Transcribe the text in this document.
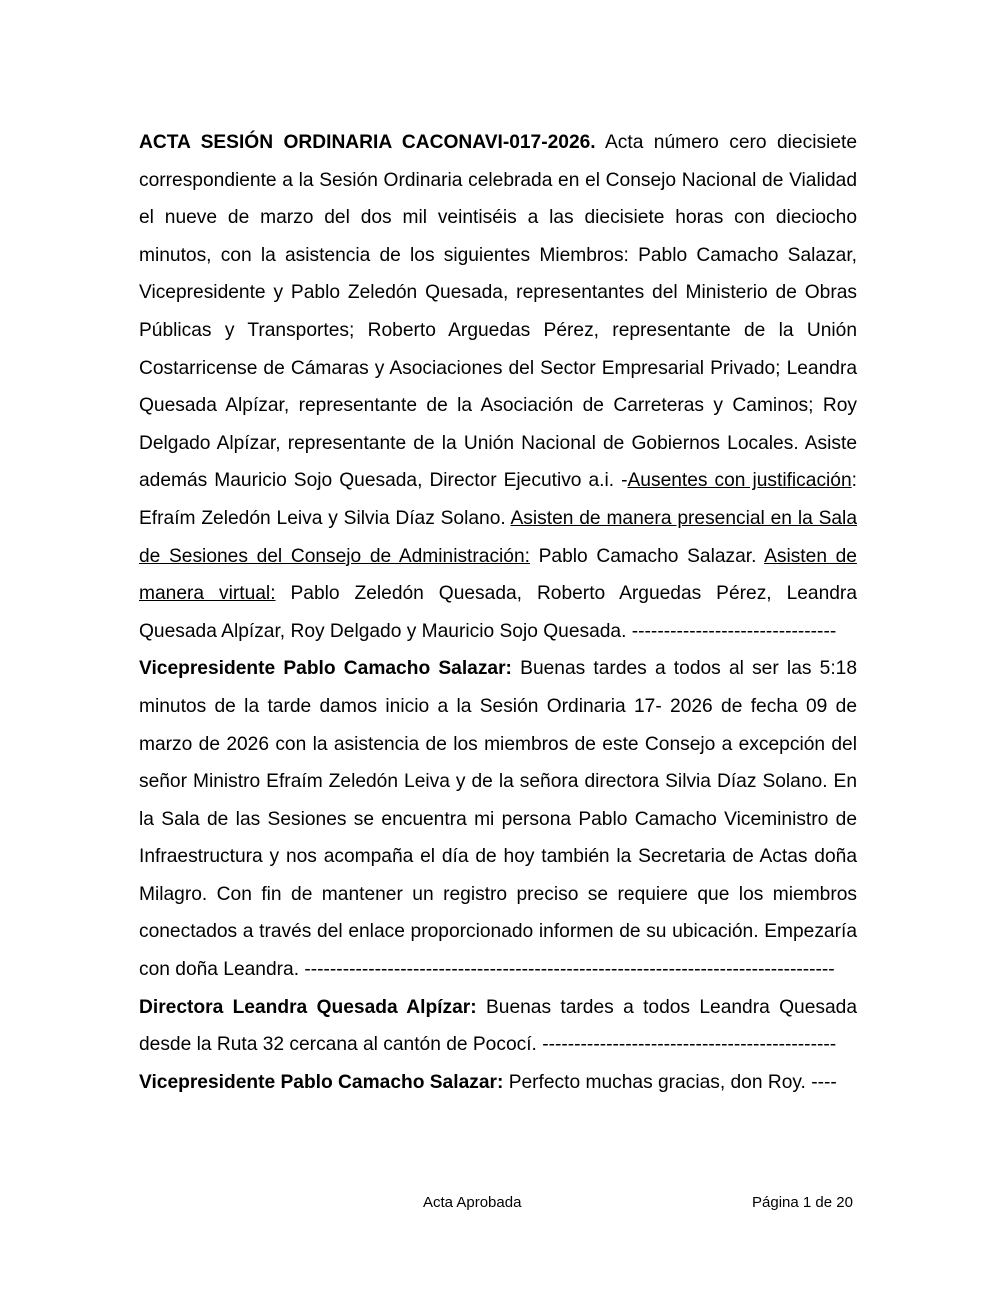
ACTA SESIÓN ORDINARIA CACONAVI-017-2026. Acta número cero diecisiete correspondiente a la Sesión Ordinaria celebrada en el Consejo Nacional de Vialidad el nueve de marzo del dos mil veintiséis a las diecisiete horas con dieciocho minutos, con la asistencia de los siguientes Miembros: Pablo Camacho Salazar, Vicepresidente y Pablo Zeledón Quesada, representantes del Ministerio de Obras Públicas y Transportes; Roberto Arguedas Pérez, representante de la Unión Costarricense de Cámaras y Asociaciones del Sector Empresarial Privado; Leandra Quesada Alpízar, representante de la Asociación de Carreteras y Caminos; Roy Delgado Alpízar, representante de la Unión Nacional de Gobiernos Locales. Asiste además Mauricio Sojo Quesada, Director Ejecutivo a.i. -Ausentes con justificación: Efraím Zeledón Leiva y Silvia Díaz Solano. Asisten de manera presencial en la Sala de Sesiones del Consejo de Administración: Pablo Camacho Salazar. Asisten de manera virtual: Pablo Zeledón Quesada, Roberto Arguedas Pérez, Leandra Quesada Alpízar, Roy Delgado y Mauricio Sojo Quesada. --------------------------------

Vicepresidente Pablo Camacho Salazar: Buenas tardes a todos al ser las 5:18 minutos de la tarde damos inicio a la Sesión Ordinaria 17- 2026 de fecha 09 de marzo de 2026 con la asistencia de los miembros de este Consejo a excepción del señor Ministro Efraím Zeledón Leiva y de la señora directora Silvia Díaz Solano. En la Sala de las Sesiones se encuentra mi persona Pablo Camacho Viceministro de Infraestructura y nos acompaña el día de hoy también la Secretaria de Actas doña Milagro. Con fin de mantener un registro preciso se requiere que los miembros conectados a través del enlace proporcionado informen de su ubicación. Empezaría con doña Leandra. -----------------------------------------------------------------------------------

Directora Leandra Quesada Alpízar: Buenas tardes a todos Leandra Quesada desde la Ruta 32 cercana al cantón de Pococí. ----------------------------------------------

Vicepresidente Pablo Camacho Salazar: Perfecto muchas gracias, don Roy. ----

Acta Aprobada	Página 1 de 20
